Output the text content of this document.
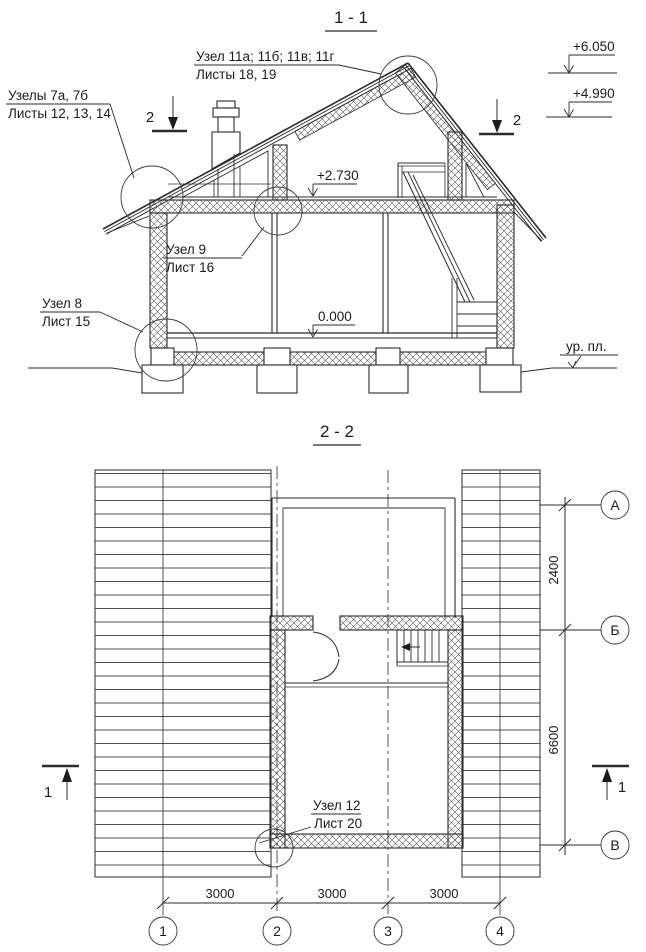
1 - 1
Узел 11а; 11б; 11в; 11г
Листы 18, 19
Узелы 7а, 7б
Листы 12, 13, 14
Узел 9
Лист 16
Узел 8
Лист 15
+6.050
+4.990
+2.730
0.000
ур. пл.
2	2
2 - 2
3000	3000	3000
1	2	3	4
2400
6600
А
Б
В
1	1
Узел 12
Лист 20
